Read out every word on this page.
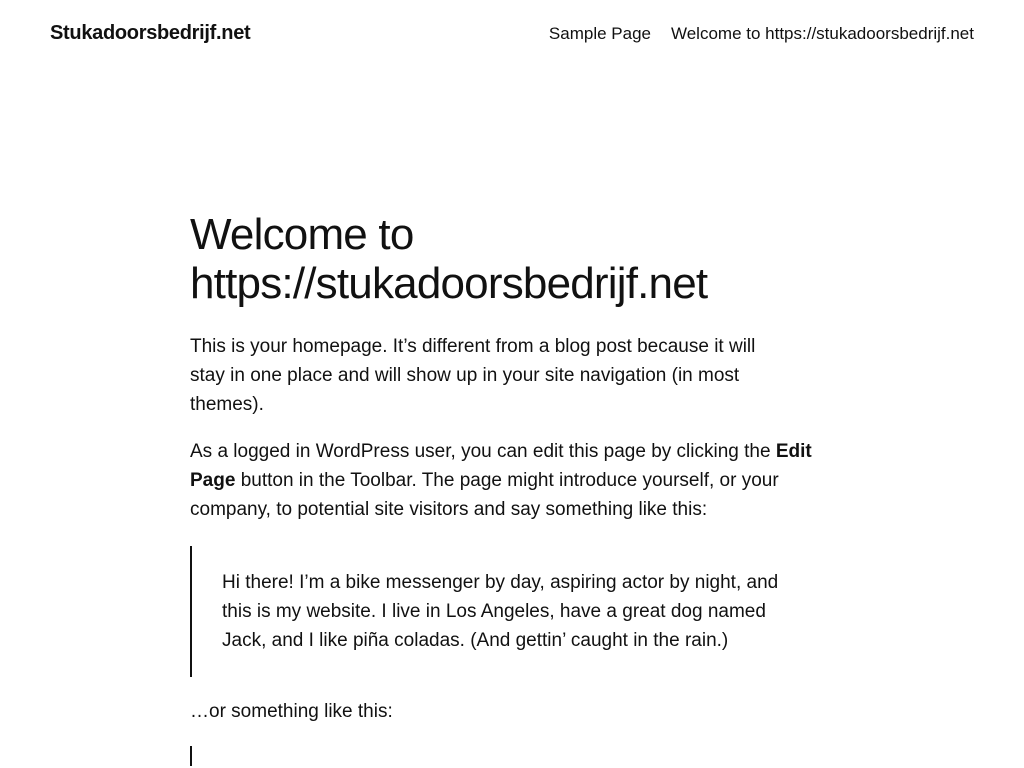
Stukadoorsbedrijf.net	Sample Page Welcome to https://stukadoorsbedrijf.net
Welcome to
https://stukadoorsbedrijf.net

This is your homepage. It’s different from a blog post because it will stay in one place and will show up in your site navigation (in most themes).

As a logged in WordPress user, you can edit this page by clicking the Edit Page button in the Toolbar. The page might introduce yourself, or your company, to potential site visitors and say something like this:

Hi there! I’m a bike messenger by day, aspiring actor by night, and this is my website. I live in Los Angeles, have a great dog named Jack, and I like piña coladas. (And gettin’ caught in the rain.)

…or something like this:
